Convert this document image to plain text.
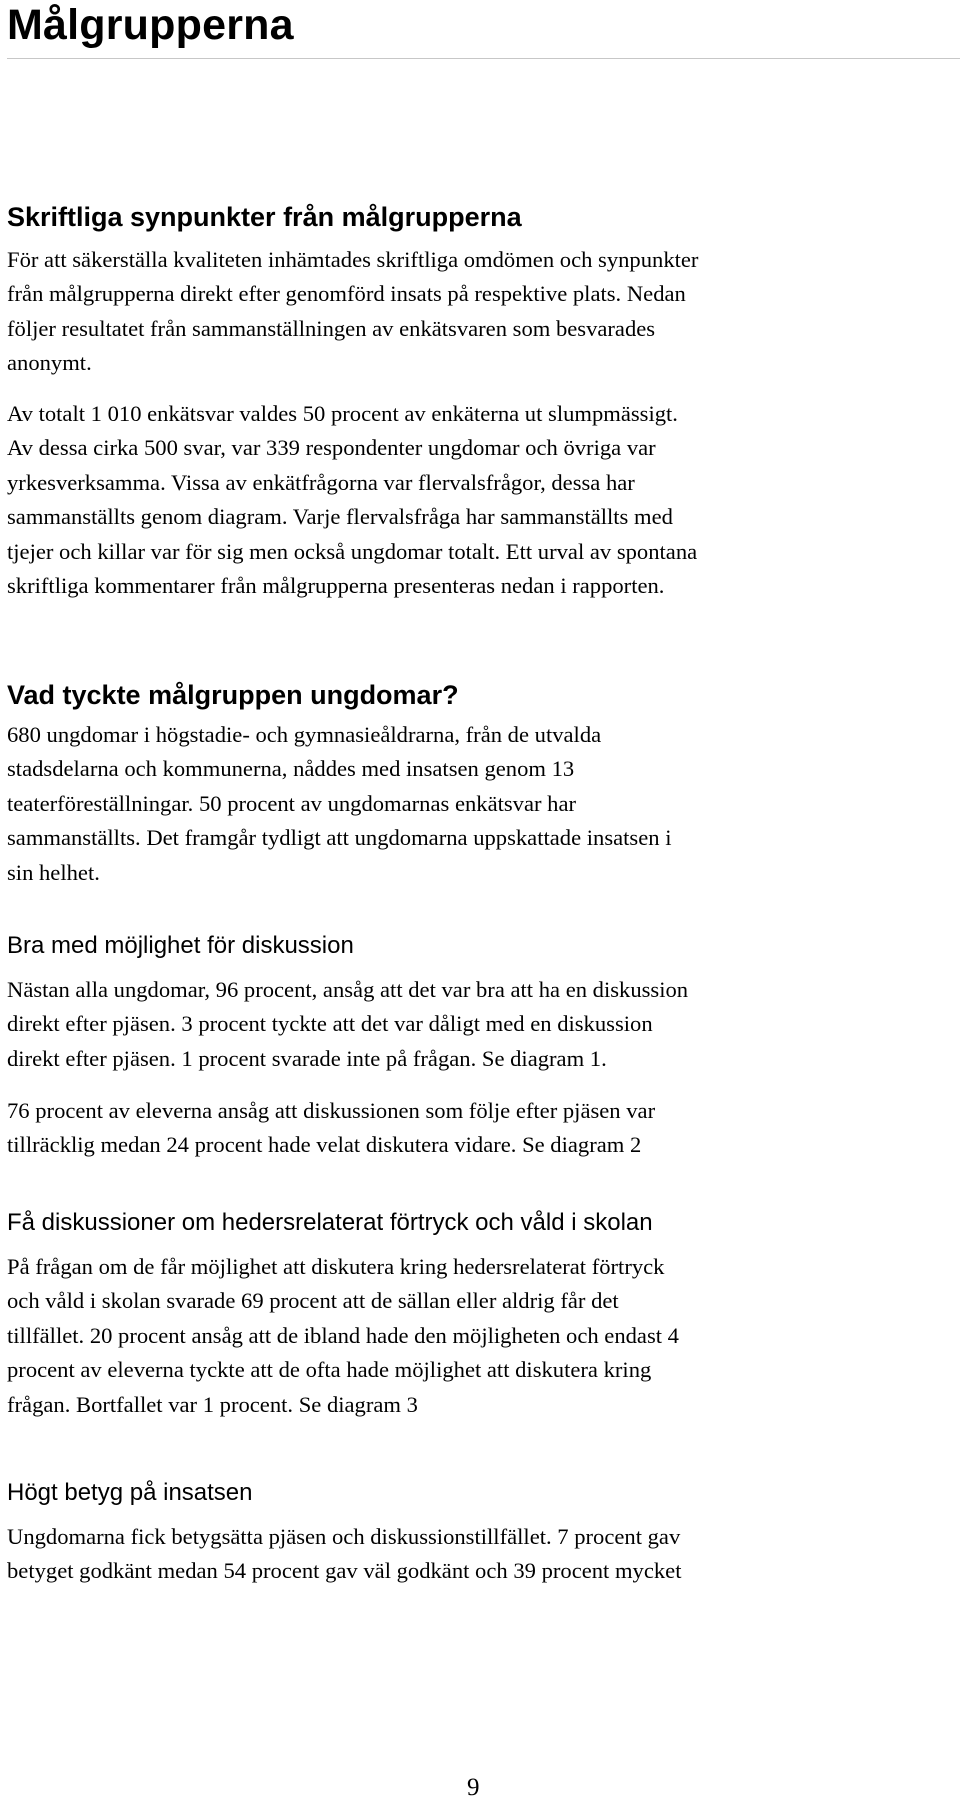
Målgrupperna
Skriftliga synpunkter från målgrupperna
För att säkerställa kvaliteten inhämtades skriftliga omdömen och synpunkter
från målgrupperna direkt efter genomförd insats på respektive plats. Nedan
följer resultatet från sammanställningen av enkätsvaren som besvarades
anonymt.
Av totalt 1 010 enkätsvar valdes 50 procent av enkäterna ut slumpmässigt.
Av dessa cirka 500 svar, var 339 respondenter ungdomar och övriga var
yrkesverksamma. Vissa av enkätfrågorna var flervalsfrågor, dessa har
sammanställts genom diagram. Varje flervalsfråga har sammanställts med
tjejer och killar var för sig men också ungdomar totalt. Ett urval av spontana
skriftliga kommentarer från målgrupperna presenteras nedan i rapporten.
Vad tyckte målgruppen ungdomar?
680 ungdomar i högstadie- och gymnasieåldrarna, från de utvalda
stadsdelarna och kommunerna, nåddes med insatsen genom 13
teaterföreställningar. 50 procent av ungdomarnas enkätsvar har
sammanställts. Det framgår tydligt att ungdomarna uppskattade insatsen i
sin helhet.
Bra med möjlighet för diskussion
Nästan alla ungdomar, 96 procent, ansåg att det var bra att ha en diskussion
direkt efter pjäsen. 3 procent tyckte att det var dåligt med en diskussion
direkt efter pjäsen. 1 procent svarade inte på frågan. Se diagram 1.
76 procent av eleverna ansåg att diskussionen som följe efter pjäsen var
tillräcklig medan 24 procent hade velat diskutera vidare. Se diagram 2
Få diskussioner om hedersrelaterat förtryck och våld i skolan
På frågan om de får möjlighet att diskutera kring hedersrelaterat förtryck
och våld i skolan svarade 69 procent att de sällan eller aldrig får det
tillfället. 20 procent ansåg att de ibland hade den möjligheten och endast 4
procent av eleverna tyckte att de ofta hade möjlighet att diskutera kring
frågan. Bortfallet var 1 procent. Se diagram 3
Högt betyg på insatsen
Ungdomarna fick betygsätta pjäsen och diskussionstillfället. 7 procent gav
betyget godkänt medan 54 procent gav väl godkänt och 39 procent mycket
9
